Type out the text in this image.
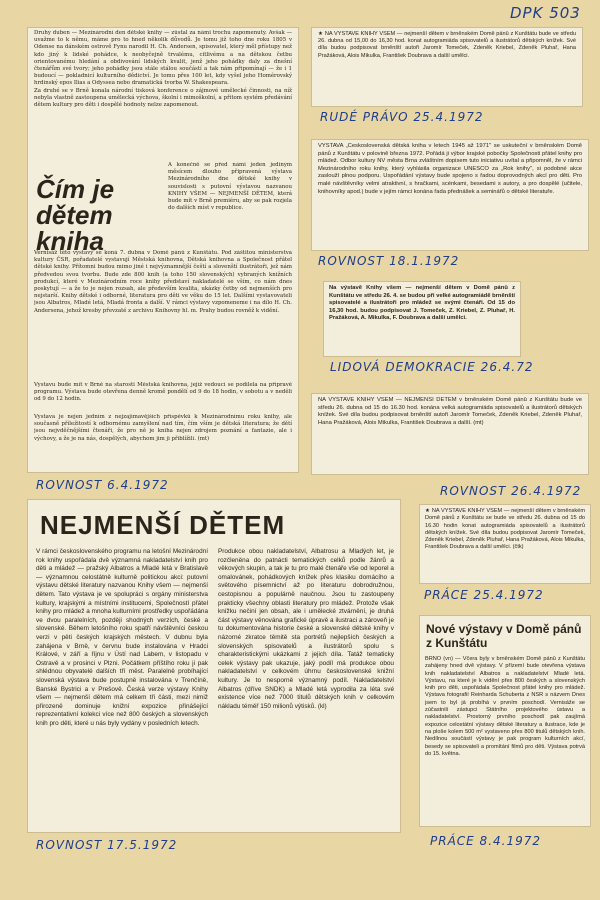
DPK 503

Druhý duben — Mezinárodní den dětské knihy — zůstal za námi trochu zapomenutý. Avšak — uvažme to k němu, máme pro to hned několik důvodů. Je tomu již toho dne roku 1805 v Odense na dánském ostrově Fynu narodil H. Ch. Andersen, spisovatel, který měl přístupy než kdo jiný k lidské pohádce, k neobyčejně trvalému, citlivému a na dětskou četbu orientovanému hledání a obdivování lidských kvalit, jenž jeho pohádky daly za dnešní čtenářům své tvory; jeho pohádky jsou stále stálou součástí a tak nám připomínají — že i 1 budoucí — pokladnicí kulturního dědictví. Je tomu přes 100 let, kdy vyšel jeho Homérovský hrdinský epos Ilias a Odyssea nebo dramatická tvorba W. Shakespeara.

Za druhé se v Brně konala národní tisková konference o zájmové umělecké činnosti, na níž nebyla vlastně zastoupena umělecká výchova, školní i mimoškolní, a přitom systém předávání dětem kultury pro děti i dospělé hodnoty nelze zapomenout.

Čím je dětem kniha
A konečně se před námi jeden jediným měsícem dlouho připravená výstava Mezinárodního dne dětské knihy v souvislosti s putovní výstavou nazvanou KNIHY VŠEM — NEJMENŠÍ DĚTEM, která bude mít v Brně premiéru, aby se pak rozjela do dalších míst v republice.
Vernisáž této výstavy se koná 7. dubna v Domě pánů z Kunštátu. Pod záštitou ministerstva kultury ČSR, pořadatelé vystavují Městská knihovna, Dětská knihovna a Společnost přátel dětské knihy. Přítomni budou mimo jiné i nejvýznamnější čeští a slovenští ilustrátoři, jež nám předvedou svou tvorbu. Bude zde 800 knih (a toho 150 slovenských) vybraných knižních produkcí, které v Mezinárodním roce knihy představí nakladatelé se vším, co nám dnes poskytují — a že to je nejen rozsah, ale především kvalita, ukázky četby od nejmenších pro nejstarší. Knihy dětské i odborné, literatura pro děti ve věku do 15 let. Dalšími vystavovateli jsou Albatros, Mladé letá, Mladá fronta a další. V rámci výstavy vzpomeneme i na dílo H. Ch. Andersena, jehož kresby převzaté z archivu Knihovny hl. m. Prahy budou rovněž k vidění.
Výstavu bude mít v Brně na starosti Městská knihovna, jejíž vedoucí se podílela na přípravě programu. Výstava bude otevřena denně kromě pondělí od 9 do 18 hodin, v sobotu a v neděli od 9 do 12 hodin.
Výstava je nejen jedním z nejzajímavějších příspěvků k Mezinárodnímu roku knihy, ale současně příležitostí k odbornému zamyšlení nad tím, čím vším je dětská literatura; že dětí jsou nejvděčnějšími čtenáři, že pro ně je kniha nejen zdrojem poznání a fantazie, ale i výchovy, a že je na nás, dospělých, abychom jim ji přiblížili. (mt)
ROVNOST 6.4.1972
★ NA VÝSTAVĚ KNIHY VŠEM — nejmenší dětem v brněnském Domě pánů z Kunštátu bude ve středu 26. dubna od 15,00 do 16,30 hod. konat autogramiáda spisovatelů a ilustrátorů dětských knížek. Své díla budou podpisovat brněnští autoři Jaromír Tomeček, Zdeněk Kriebel, Zdeněk Pluhař, Hana Pražáková, Alois Mikulka, František Doubrava a další umělci.
RUDÉ PRÁVO 25.4.1972
VÝSTAVA „Československá dětská kniha v letech 1945 až 1971" se uskuteční v brněnském Domě pánů z Kunštátu v polovině března 1972. Pořádá ji výbor krajské pobočky Společnosti přátel knihy pro mládež. Odbor kultury NV města Brna zvláštním dopisem tuto iniciativu uvítal a připomněl, že v rámci Mezinárodního roku knihy, který vyhlásila organizace UNESCO za „Rok knihy", si podobné akce zaslouží plnou podporu. Uspořádání výstavy bude spojeno s řadou doprovodných akcí pro děti. Pro malé návštěvníky velmi atraktivní, s hračkami, scénkami, besedami s autory, a pro dospělé (učitele, knihovníky apod.) bude v jejím rámci konána řada přednášek a seminářů o dětské literatuře.
ROVNOST 18.1.1972
Na výstavě Knihy všem — nejmenší dětem v Domě pánů z Kunštátu ve středu 26. 4. se budou při velké autogramiádě brněnští spisovatelé a ilustrátoři pro mládež se svými čtenáři. Od 15 do 16,30 hod. budou podpisovat J. Tomeček, Z. Kriebel, Z. Pluhař, H. Pražáková, A. Mikulka, F. Doubrava a další umělci.
LIDOVÁ DEMOKRACIE 26.4.72
NA VÝSTAVĚ KNIHY VŠEM — NEJMENŠÍ DĚTEM v brněnském Domě pánů z Kunštátu bude ve středu 26. dubna od 15 do 16.30 hod. konána velká autogramiáda spisovatelů a ilustrátorů dětských knížek. Své díla budou podpisovat brněnští autoři Jaromír Tomeček, Zdeněk Kriebel, Zdeněk Pluhař, Hana Pražáková, Alois Mikulka, František Doubrava a další. (mt)
ROVNOST 26.4.1972
NEJMENŠÍ DĚTEM
V rámci československého programu na letošní Mezinárodní rok knihy uspořádala dvě významná nakladatelství knih pro děti a mládež — pražský Albatros a Mladé letá v Bratislavě — významnou celostátně kulturně politickou akci: putovní výstavu dětské literatury nazvanou Knihy všem — nejmenší dětem. Tato výstava je ve spolupráci s orgány ministerstva kultury, krajskými a místními institucemi, Společností přátel knihy pro mládež a mnoha kulturními prostředky uspořádána ve dvou paralelních, později shodných verzích, české a slovenské. Během letošního roku spatří návštěvníci českou verzi v pěti českých krajských městech. V dubnu byla zahájena v Brně, v červnu bude instalována v Hradci Králové, v září a říjnu v Ústí nad Labem, v listopadu v Ostravě a v prosinci v Plzni. Počátkem příštího roku ji pak shlédnou obyvatelé dalších tří měst. Paralelně probíhající slovenská výstava bude postupně instalována v Trenčíně, Banské Bystrici a v Prešově. Česká verze výstavy Knihy všem — nejmenší dětem má celkem tři části, mezi nimiž přirozeně dominuje knižní expozice přinášející reprezentativní kolekci více než 800 českých a slovenských knih pro děti, které u nás byly vydány v posledních letech.
Produkce obou nakladatelství, Albatrosu a Mladých let, je rozčleněna do patnácti tematických celků podle žánrů a věkových skupin, a tak je tu pro malé čtenáře vše od leporel a omalovánek, pohádkových knížek přes klasiku domácího a světového písemnictví až po literaturu dobrodružnou, cestopisnou a populárně naučnou. Jsou tu zastoupeny prakticky všechny oblasti literatury pro mládež. Protože však knížku nečiní jen obsah, ale i umělecké ztvárnění, je druhá část výstavy věnována grafické úpravě a ilustraci a zároveň je tu dokumentována historie české a slovenské dětské knihy v názorné zkratce těmitě sta portrétů nejlepších českých a slovenských spisovatelů a ilustrátorů spolu s charakteristickými ukázkami z jejich díla. Tatáž tematicky celek výstavy pak ukazuje, jaký podíl má produkce obou nakladatelství v celkovém úhrnu československé knižní kultury. Je to nesporně významný podíl. Nakladatelství Albatros (dříve SNDK) a Mladé letá vyprodila za léta své existence více než 7000 titulů dětských knih v celkovém nákladu téměř 150 milionů výtisků. (kl)
ROVNOST 17.5.1972
★ NA VÝSTAVĚ KNIHY VŠEM — nejmenší dětem v brněnském Domě pánů z Kunštátu se bude ve středu 26. dubna od 15 do 16.30 hodin konat autogramiáda spisovatelů a ilustrátorů dětských knížek. Své díla budou podpisovat Jaromír Tomeček, Zdeněk Kriebel, Zdeněk Pluhař, Hana Pražáková, Alois Mikulka, František Doubrava a další umělci. (čtk)
PRÁCE 25.4.1972
Nové výstavy v Domě pánů z Kunštátu
BRNO (vn) — Včera byly v brněnském Domě pánů z Kunštátu zahájeny hned dvě výstavy. V přízemí bude otevřena výstava knih nakladatelství Albatros a nakladatelství Mladé letá. Výstavu, na které je k vidění přes 800 českých a slovenských knih pro děti, uspořádala Společnost přátel knihy pro mládež. Výstava fotografií Reinharda Schuberta z NSR s názvem Dnes jsem to byl já probíhá v prvním poschodí. Vernisáže se zúčastnili zástupci Státního projektového ústavu a nakladatelství. Prostorný prvního poschodí pak zaujímá expozice celostátní výstavy dětské literatury a ilustrace, kde je na ploše kolem 500 m² vystaveno přes 800 titulů dětských knih. Nedílnou součástí výstavy je pak program kulturních akcí, besedy se spisovateli a promítání filmů pro děti. Výstava potrvá do 15. května.
PRÁCE 8.4.1972
